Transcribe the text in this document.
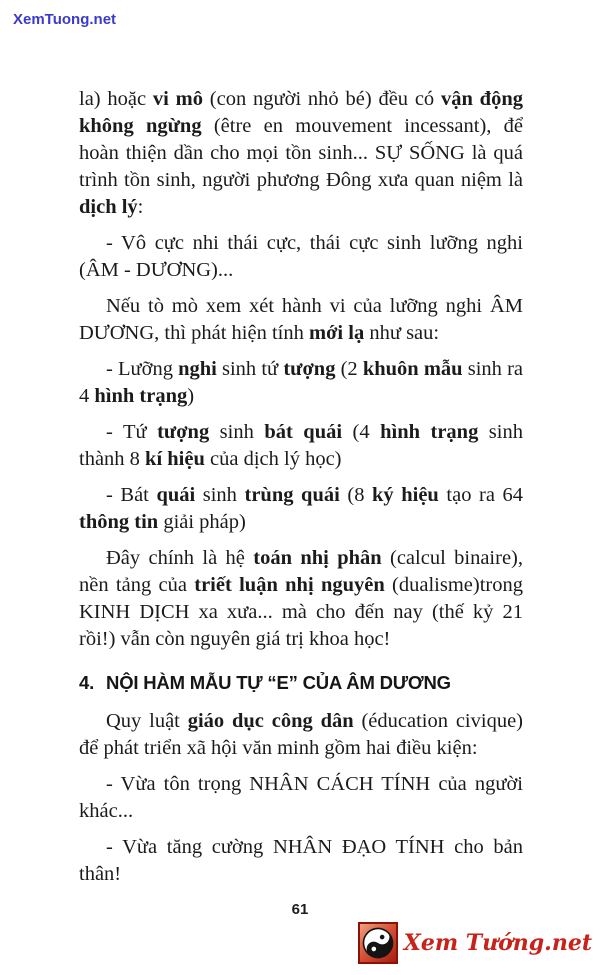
XemTuong.net

la) hoặc vi mô (con người nhỏ bé) đều có vận động không ngừng (être en mouvement incessant), để hoàn thiện dần cho mọi tồn sinh... SỰ SỐNG là quá trình tồn sinh, người phương Đông xưa quan niệm là dịch lý:

- Vô cực nhi thái cực, thái cực sinh lưỡng nghi (ÂM - DƯƠNG)...

Nếu tò mò xem xét hành vi của lưỡng nghi ÂM DƯƠNG, thì phát hiện tính mới lạ như sau:

- Lưỡng nghi sinh tứ tượng (2 khuôn mẫu sinh ra 4 hình trạng)

- Tứ tượng sinh bát quái (4 hình trạng sinh thành 8 kí hiệu của dịch lý học)

- Bát quái sinh trùng quái (8 ký hiệu tạo ra 64 thông tin giải pháp)

Đây chính là hệ toán nhị phân (calcul binaire), nền tảng của triết luận nhị nguyên (dualisme)trong KINH DỊCH xa xưa... mà cho đến nay (thế kỷ 21 rồi!) vẫn còn nguyên giá trị khoa học!

4. NỘI HÀM MẪU TỰ “E” CỦA ÂM DƯƠNG

Quy luật giáo dục công dân (éducation civique) để phát triển xã hội văn minh gồm hai điều kiện:

- Vừa tôn trọng NHÂN CÁCH TÍNH của người khác...

- Vừa tăng cường NHÂN ĐẠO TÍNH cho bản thân!

61
Xem Tướng.net
